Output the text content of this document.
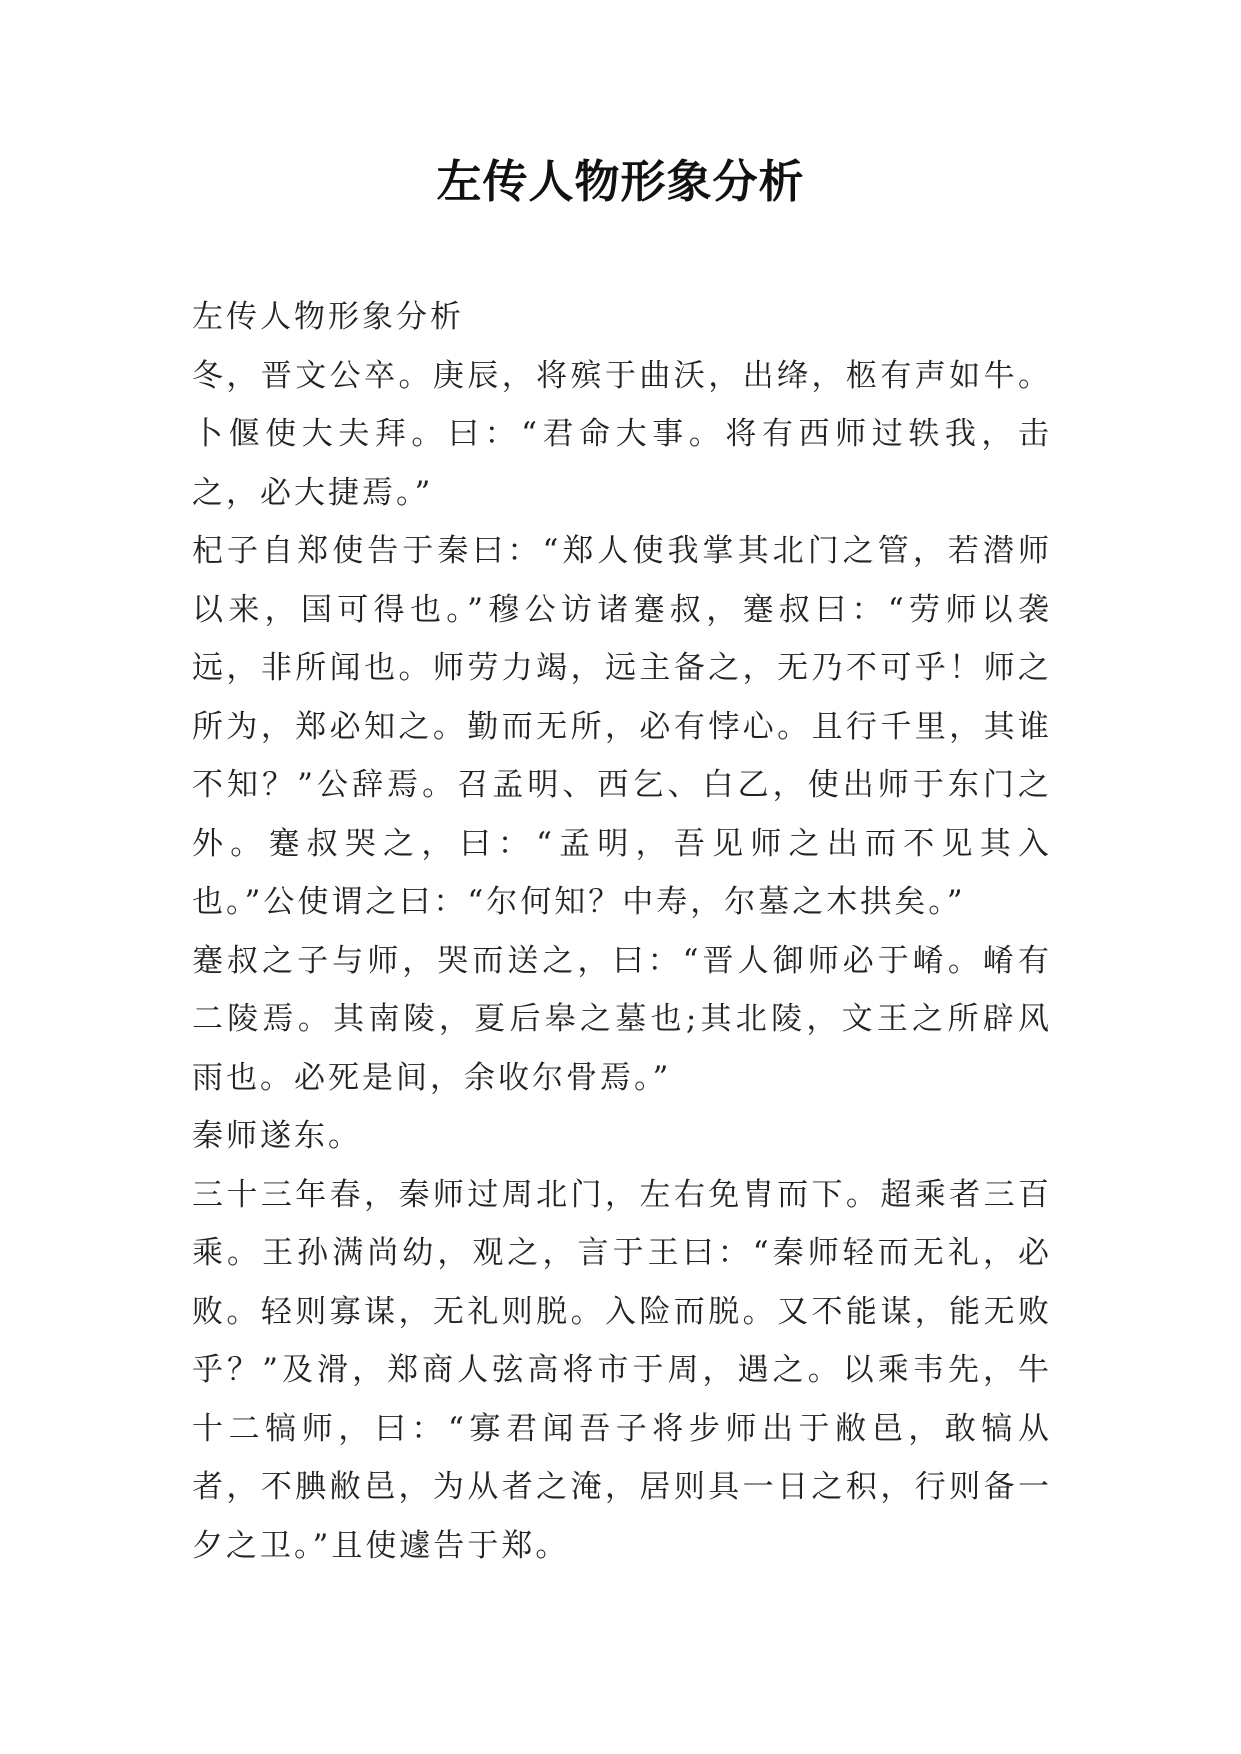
左传人物形象分析

左传人物形象分析

冬，晋文公卒。庚辰，将殡于曲沃，出绛，柩有声如牛。卜偃使大夫拜。曰：“君命大事。将有西师过轶我，击之，必大捷焉。”

杞子自郑使告于秦曰：“郑人使我掌其北门之管，若潜师以来，国可得也。”穆公访诸蹇叔，蹇叔曰：“劳师以袭远，非所闻也。师劳力竭，远主备之，无乃不可乎！师之所为，郑必知之。勤而无所，必有悖心。且行千里，其谁不知？”公辞焉。召孟明、西乞、白乙，使出师于东门之外。蹇叔哭之，曰：“孟明，吾见师之出而不见其入也。”公使谓之曰：“尔何知？中寿，尔墓之木拱矣。”

蹇叔之子与师，哭而送之，曰：“晋人御师必于崤。崤有二陵焉。其南陵，夏后皋之墓也;其北陵，文王之所辟风雨也。必死是间，余收尔骨焉。”

秦师遂东。

三十三年春，秦师过周北门，左右免胄而下。超乘者三百乘。王孙满尚幼，观之，言于王曰：“秦师轻而无礼，必败。轻则寡谋，无礼则脱。入险而脱。又不能谋，能无败乎？”及滑，郑商人弦高将市于周，遇之。以乘韦先，牛十二犒师，曰：“寡君闻吾子将步师出于敝邑，敢犒从者，不腆敝邑，为从者之淹，居则具一日之积，行则备一夕之卫。”且使遽告于郑。
